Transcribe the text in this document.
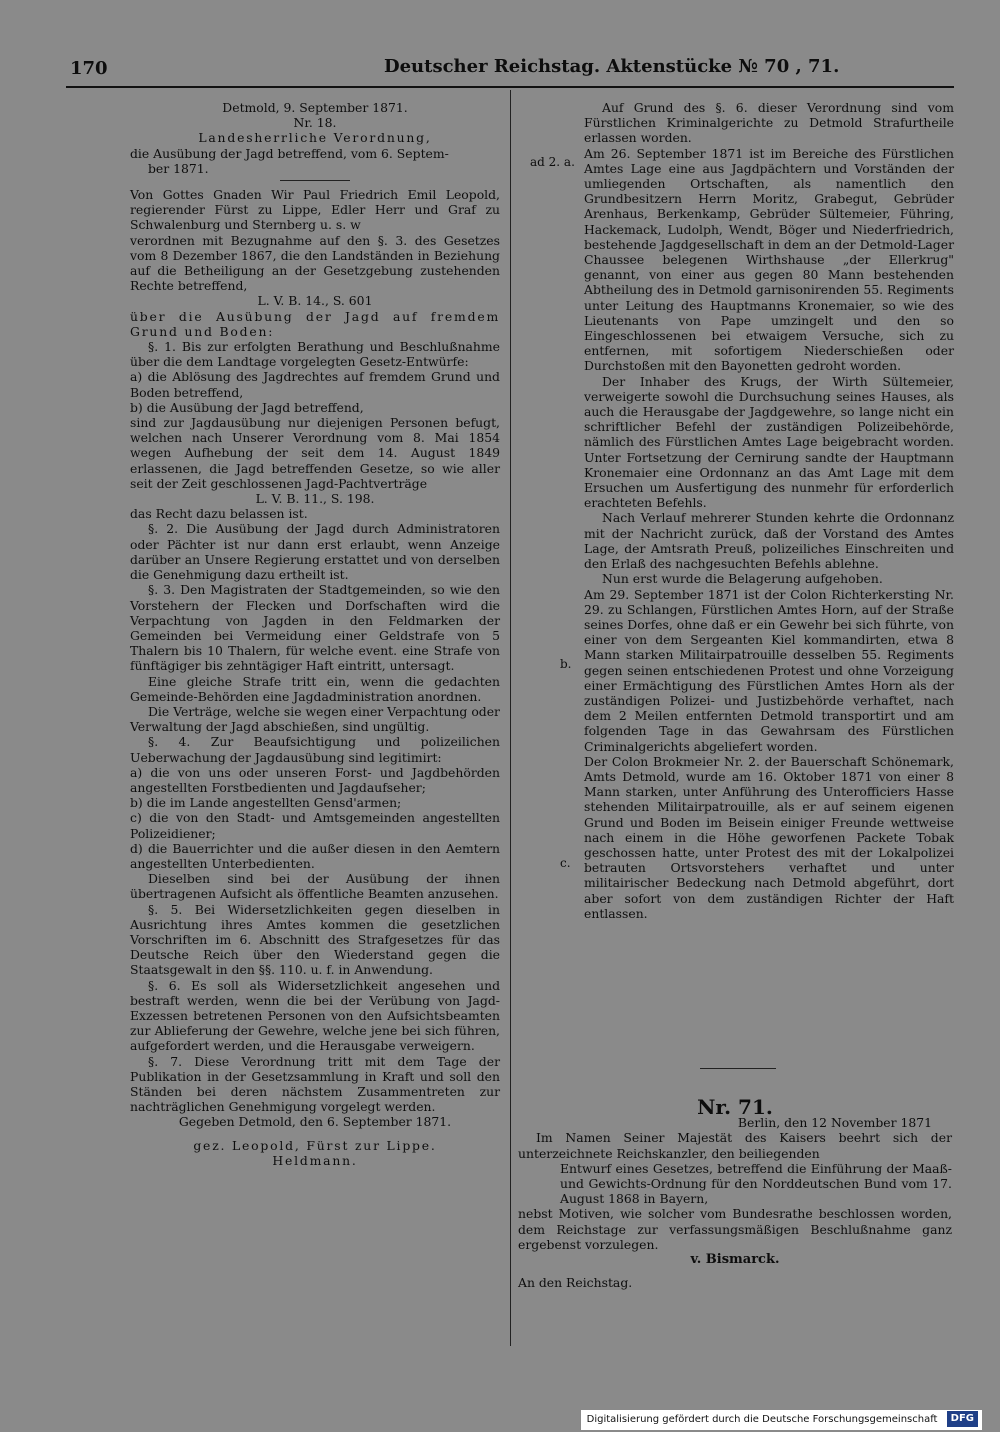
170	Deutscher Reichstag. Aktenstücke № 70 , 71.

Detmold, 9. September 1871.

Nr. 18.

Landesherrliche Verordnung,

die Ausübung der Jagd betreffend, vom 6. Septem-

ber 1871.

Von Gottes Gnaden Wir Paul Friedrich Emil Leopold, regierender Fürst zu Lippe, Edler Herr und Graf zu Schwalenburg und Sternberg u. s. w

verordnen mit Bezugnahme auf den §. 3. des Gesetzes vom 8 Dezember 1867, die den Landständen in Beziehung auf die Betheiligung an der Gesetzgebung zustehenden Rechte betreffend,

L. V. B. 14., S. 601

über die Ausübung der Jagd auf fremdem Grund und Boden:

§. 1. Bis zur erfolgten Berathung und Beschlußnahme über die dem Landtage vorgelegten Gesetz-Entwürfe:

a) die Ablösung des Jagdrechtes auf fremdem Grund und Boden betreffend,

b) die Ausübung der Jagd betreffend,

sind zur Jagdausübung nur diejenigen Personen befugt, welchen nach Unserer Verordnung vom 8. Mai 1854 wegen Aufhebung der seit dem 14. August 1849 erlassenen, die Jagd betreffenden Gesetze, so wie aller seit der Zeit geschlossenen Jagd-Pachtverträge

L. V. B. 11., S. 198.

das Recht dazu belassen ist.

§. 2. Die Ausübung der Jagd durch Administratoren oder Pächter ist nur dann erst erlaubt, wenn Anzeige darüber an Unsere Regierung erstattet und von derselben die Genehmigung dazu ertheilt ist.

§. 3. Den Magistraten der Stadtgemeinden, so wie den Vorstehern der Flecken und Dorfschaften wird die Verpachtung von Jagden in den Feldmarken der Gemeinden bei Vermeidung einer Geldstrafe von 5 Thalern bis 10 Thalern, für welche event. eine Strafe von fünftägiger bis zehntägiger Haft eintritt, untersagt.

Eine gleiche Strafe tritt ein, wenn die gedachten Gemeinde-Behörden eine Jagdadministration anordnen.

Die Verträge, welche sie wegen einer Verpachtung oder Verwaltung der Jagd abschießen, sind ungültig.

§. 4. Zur Beaufsichtigung und polizeilichen Ueberwachung der Jagdausübung sind legitimirt:

a) die von uns oder unseren Forst- und Jagdbehörden angestellten Forstbedienten und Jagdaufseher;

b) die im Lande angestellten Gensd'armen;

c) die von den Stadt- und Amtsgemeinden angestellten Polizeidiener;

d) die Bauerrichter und die außer diesen in den Aemtern angestellten Unterbedienten.

Dieselben sind bei der Ausübung der ihnen übertragenen Aufsicht als öffentliche Beamten anzusehen.

§. 5. Bei Widersetzlichkeiten gegen dieselben in Ausrichtung ihres Amtes kommen die gesetzlichen Vorschriften im 6. Abschnitt des Strafgesetzes für das Deutsche Reich über den Wiederstand gegen die Staatsgewalt in den §§. 110. u. f. in Anwendung.

§. 6. Es soll als Widersetzlichkeit angesehen und bestraft werden, wenn die bei der Verübung von Jagd-Exzessen betretenen Personen von den Aufsichtsbeamten zur Ablieferung der Gewehre, welche jene bei sich führen, aufgefordert werden, und die Herausgabe verweigern.

§. 7. Diese Verordnung tritt mit dem Tage der Publikation in der Gesetzsammlung in Kraft und soll den Ständen bei deren nächstem Zusammentreten zur nachträglichen Genehmigung vorgelegt werden.

Gegeben Detmold, den 6. September 1871.

gez. Leopold, Fürst zur Lippe.

Heldmann.

ad 2. a.
b.
c.

Auf Grund des §. 6. dieser Verordnung sind vom Fürstlichen Kriminalgerichte zu Detmold Strafurtheile erlassen worden.

Am 26. September 1871 ist im Bereiche des Fürstlichen Amtes Lage eine aus Jagdpächtern und Vorständen der umliegenden Ortschaften, als namentlich den Grundbesitzern Herrn Moritz, Grabegut, Gebrüder Arenhaus, Berkenkamp, Gebrüder Sültemeier, Führing, Hackemack, Ludolph, Wendt, Böger und Niederfriedrich, bestehende Jagdgesellschaft in dem an der Detmold-Lager Chaussee belegenen Wirthshause „der Ellerkrug" genannt, von einer aus gegen 80 Mann bestehenden Abtheilung des in Detmold garnisonirenden 55. Regiments unter Leitung des Hauptmanns Kronemaier, so wie des Lieutenants von Pape umzingelt und den so Eingeschlossenen bei etwaigem Versuche, sich zu entfernen, mit sofortigem Niederschießen oder Durchstoßen mit den Bayonetten gedroht worden.

Der Inhaber des Krugs, der Wirth Sültemeier, verweigerte sowohl die Durchsuchung seines Hauses, als auch die Herausgabe der Jagdgewehre, so lange nicht ein schriftlicher Befehl der zuständigen Polizeibehörde, nämlich des Fürstlichen Amtes Lage beigebracht worden. Unter Fortsetzung der Cernirung sandte der Hauptmann Kronemaier eine Ordonnanz an das Amt Lage mit dem Ersuchen um Ausfertigung des nunmehr für erforderlich erachteten Befehls.

Nach Verlauf mehrerer Stunden kehrte die Ordonnanz mit der Nachricht zurück, daß der Vorstand des Amtes Lage, der Amtsrath Preuß, polizeiliches Einschreiten und den Erlaß des nachgesuchten Befehls ablehne.

Nun erst wurde die Belagerung aufgehoben.

Am 29. September 1871 ist der Colon Richterkersting Nr. 29. zu Schlangen, Fürstlichen Amtes Horn, auf der Straße seines Dorfes, ohne daß er ein Gewehr bei sich führte, von einer von dem Sergeanten Kiel kommandirten, etwa 8 Mann starken Militairpatrouille desselben 55. Regiments gegen seinen entschiedenen Protest und ohne Vorzeigung einer Ermächtigung des Fürstlichen Amtes Horn als der zuständigen Polizei- und Justizbehörde verhaftet, nach dem 2 Meilen entfernten Detmold transportirt und am folgenden Tage in das Gewahrsam des Fürstlichen Criminalgerichts abgeliefert worden.

Der Colon Brokmeier Nr. 2. der Bauerschaft Schönemark, Amts Detmold, wurde am 16. Oktober 1871 von einer 8 Mann starken, unter Anführung des Unterofficiers Hasse stehenden Militairpatrouille, als er auf seinem eigenen Grund und Boden im Beisein einiger Freunde wettweise nach einem in die Höhe geworfenen Packete Tobak geschossen hatte, unter Protest des mit der Lokalpolizei betrauten Ortsvorstehers verhaftet und unter militairischer Bedeckung nach Detmold abgeführt, dort aber sofort von dem zuständigen Richter der Haft entlassen.

Nr. 71.

Berlin, den 12 November 1871

Im Namen Seiner Majestät des Kaisers beehrt sich der unterzeichnete Reichskanzler, den beiliegenden

Entwurf eines Gesetzes, betreffend die Einführung der Maaß- und Gewichts-Ordnung für den Norddeutschen Bund vom 17. August 1868 in Bayern,

nebst Motiven, wie solcher vom Bundesrathe beschlossen worden, dem Reichstage zur verfassungsmäßigen Beschlußnahme ganz ergebenst vorzulegen.

v. Bismarck.

An den Reichstag.

Digitalisierung gefördert durch die Deutsche Forschungsgemeinschaft DFG
